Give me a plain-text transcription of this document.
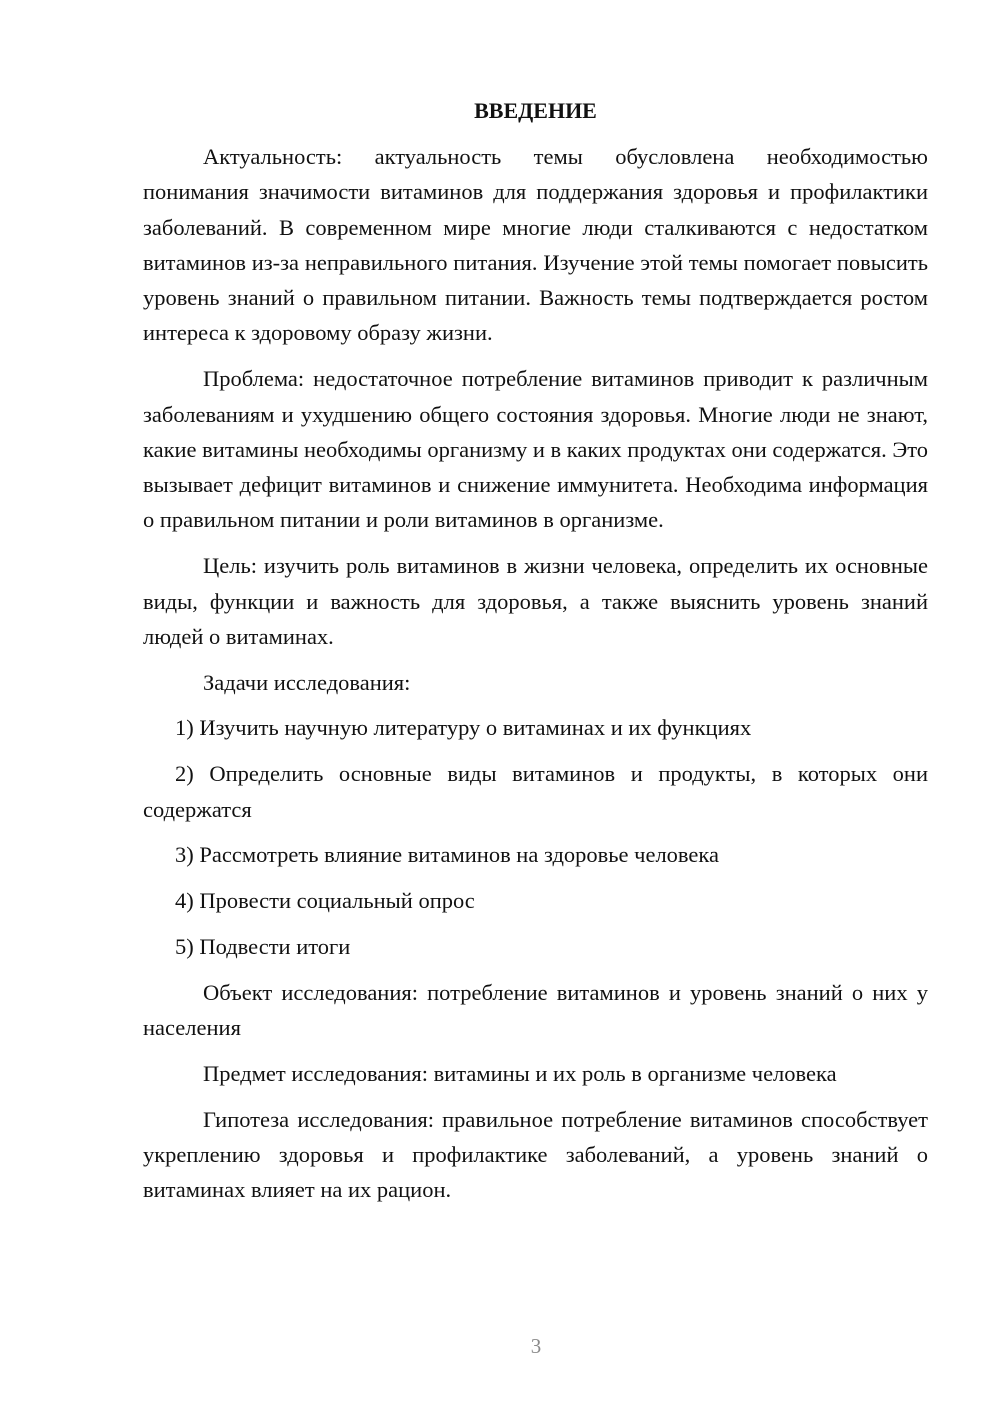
ВВЕДЕНИЕ

Актуальность: актуальность темы обусловлена необходимостью понимания значимости витаминов для поддержания здоровья и профилактики заболеваний. В современном мире многие люди сталкиваются с недостатком витаминов из-за неправильного питания. Изучение этой темы помогает повысить уровень знаний о правильном питании. Важность темы подтверждается ростом интереса к здоровому образу жизни.

Проблема: недостаточное потребление витаминов приводит к различным заболеваниям и ухудшению общего состояния здоровья. Многие люди не знают, какие витамины необходимы организму и в каких продуктах они содержатся. Это вызывает дефицит витаминов и снижение иммунитета. Необходима информация о правильном питании и роли витаминов в организме.

Цель: изучить роль витаминов в жизни человека, определить их основные виды, функции и важность для здоровья, а также выяснить уровень знаний людей о витаминах.

Задачи исследования:

1) Изучить научную литературу о витаминах и их функциях

2) Определить основные виды витаминов и продукты, в которых они содержатся

3) Рассмотреть влияние витаминов на здоровье человека

4) Провести социальный опрос

5) Подвести итоги

Объект исследования: потребление витаминов и уровень знаний о них у населения

Предмет исследования: витамины и их роль в организме человека

Гипотеза исследования: правильное потребление витаминов способствует укреплению здоровья и профилактике заболеваний, а уровень знаний о витаминах влияет на их рацион.

3
